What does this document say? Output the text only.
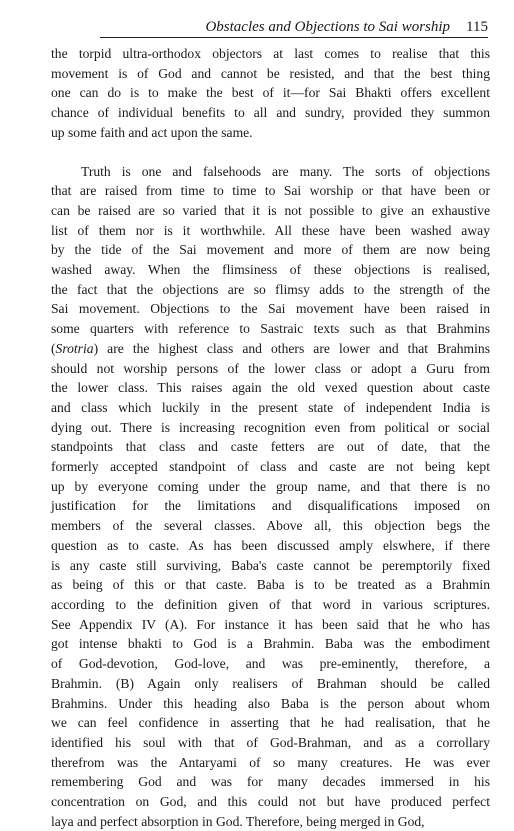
Obstacles and Objections to Sai worship 115

the torpid ultra-orthodox objectors at last comes to realise that this
movement is of God and cannot be resisted, and that the best thing
one can do is to make the best of it—for Sai Bhakti offers excellent
chance of individual benefits to all and sundry, provided they summon
up some faith and act upon the same.

Truth is one and falsehoods are many. The sorts of objections
that are raised from time to time to Sai worship or that have been or
can be raised are so varied that it is not possible to give an exhaustive
list of them nor is it worthwhile. All these have been washed away
by the tide of the Sai movement and more of them are now being
washed away. When the flimsiness of these objections is realised,
the fact that the objections are so flimsy adds to the strength of the
Sai movement. Objections to the Sai movement have been raised in
some quarters with reference to Sastraic texts such as that Brahmins
(Srotria) are the highest class and others are lower and that Brahmins
should not worship persons of the lower class or adopt a Guru from
the lower class. This raises again the old vexed question about caste
and class which luckily in the present state of independent India is
dying out. There is increasing recognition even from political or social
standpoints that class and caste fetters are out of date, that the
formerly accepted standpoint of class and caste are not being kept
up by everyone coming under the group name, and that there is no
justification for the limitations and disqualifications imposed on
members of the several classes. Above all, this objection begs the
question as to caste. As has been discussed amply elswhere, if there
is any caste still surviving, Baba's caste cannot be peremptorily fixed
as being of this or that caste. Baba is to be treated as a Brahmin
according to the definition given of that word in various scriptures.
See Appendix IV (A). For instance it has been said that he who has
got intense bhakti to God is a Brahmin. Baba was the embodiment
of God-devotion, God-love, and was pre-eminently, therefore, a
Brahmin. (B) Again only realisers of Brahman should be called
Brahmins. Under this heading also Baba is the person about whom
we can feel confidence in asserting that he had realisation, that he
identified his soul with that of God-Brahman, and as a corrollary
therefrom was the Antaryami of so many creatures. He was ever
remembering God and was for many decades immersed in his
concentration on God, and this could not but have produced perfect
laya and perfect absorption in God. Therefore, being merged in God,
